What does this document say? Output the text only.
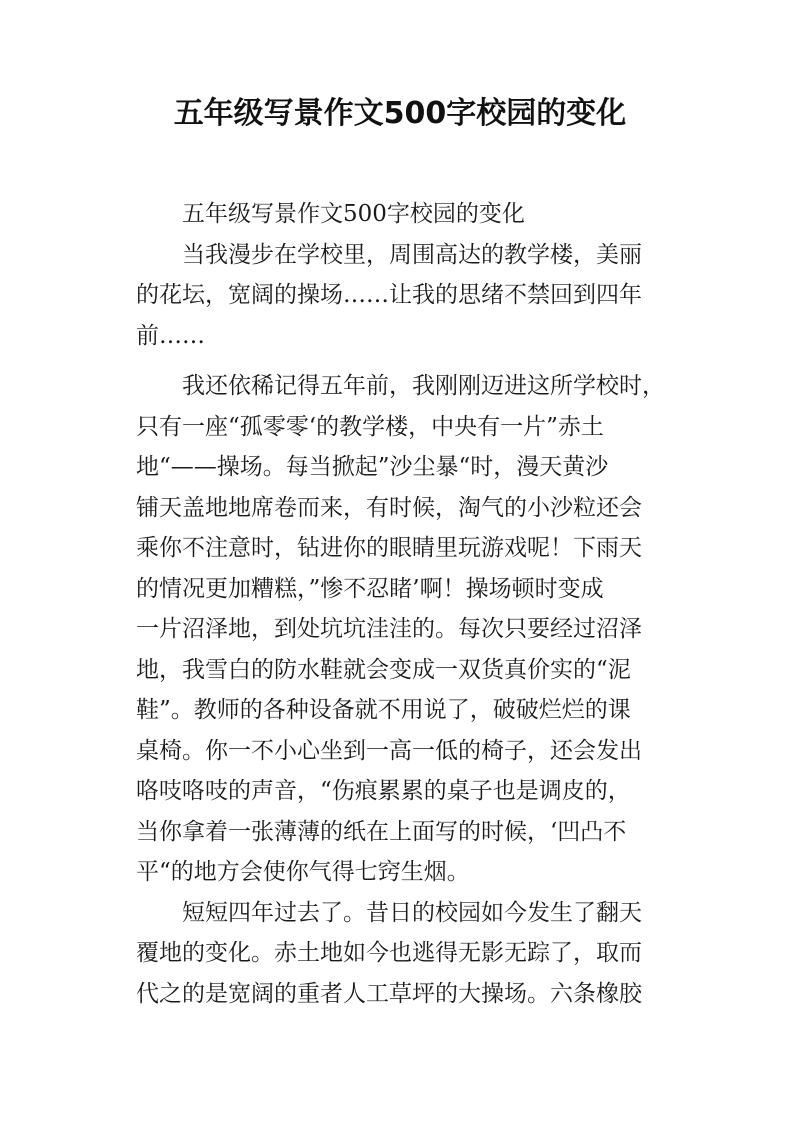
五年级写景作文500字校园的变化
五年级写景作文500字校园的变化
当我漫步在学校里，周围高达的教学楼，美丽
的花坛，宽阔的操场……让我的思绪不禁回到四年
前……
我还依稀记得五年前，我刚刚迈进这所学校时，
只有一座“孤零零‘的教学楼，中央有一片”赤土
地“——操场。每当掀起”沙尘暴“时，漫天黄沙
铺天盖地地席卷而来，有时候，淘气的小沙粒还会
乘你不注意时，钻进你的眼睛里玩游戏呢！下雨天
的情况更加糟糕，”惨不忍睹’啊！操场顿时变成
一片沼泽地，到处坑坑洼洼的。每次只要经过沼泽
地，我雪白的防水鞋就会变成一双货真价实的“泥
鞋”。教师的各种设备就不用说了，破破烂烂的课
桌椅。你一不小心坐到一高一低的椅子，还会发出
咯吱咯吱的声音，“伤痕累累的桌子也是调皮的，
当你拿着一张薄薄的纸在上面写的时候，‘凹凸不
平“的地方会使你气得七窍生烟。
短短四年过去了。昔日的校园如今发生了翻天
覆地的变化。赤土地如今也逃得无影无踪了，取而
代之的是宽阔的重者人工草坪的大操场。六条橡胶
